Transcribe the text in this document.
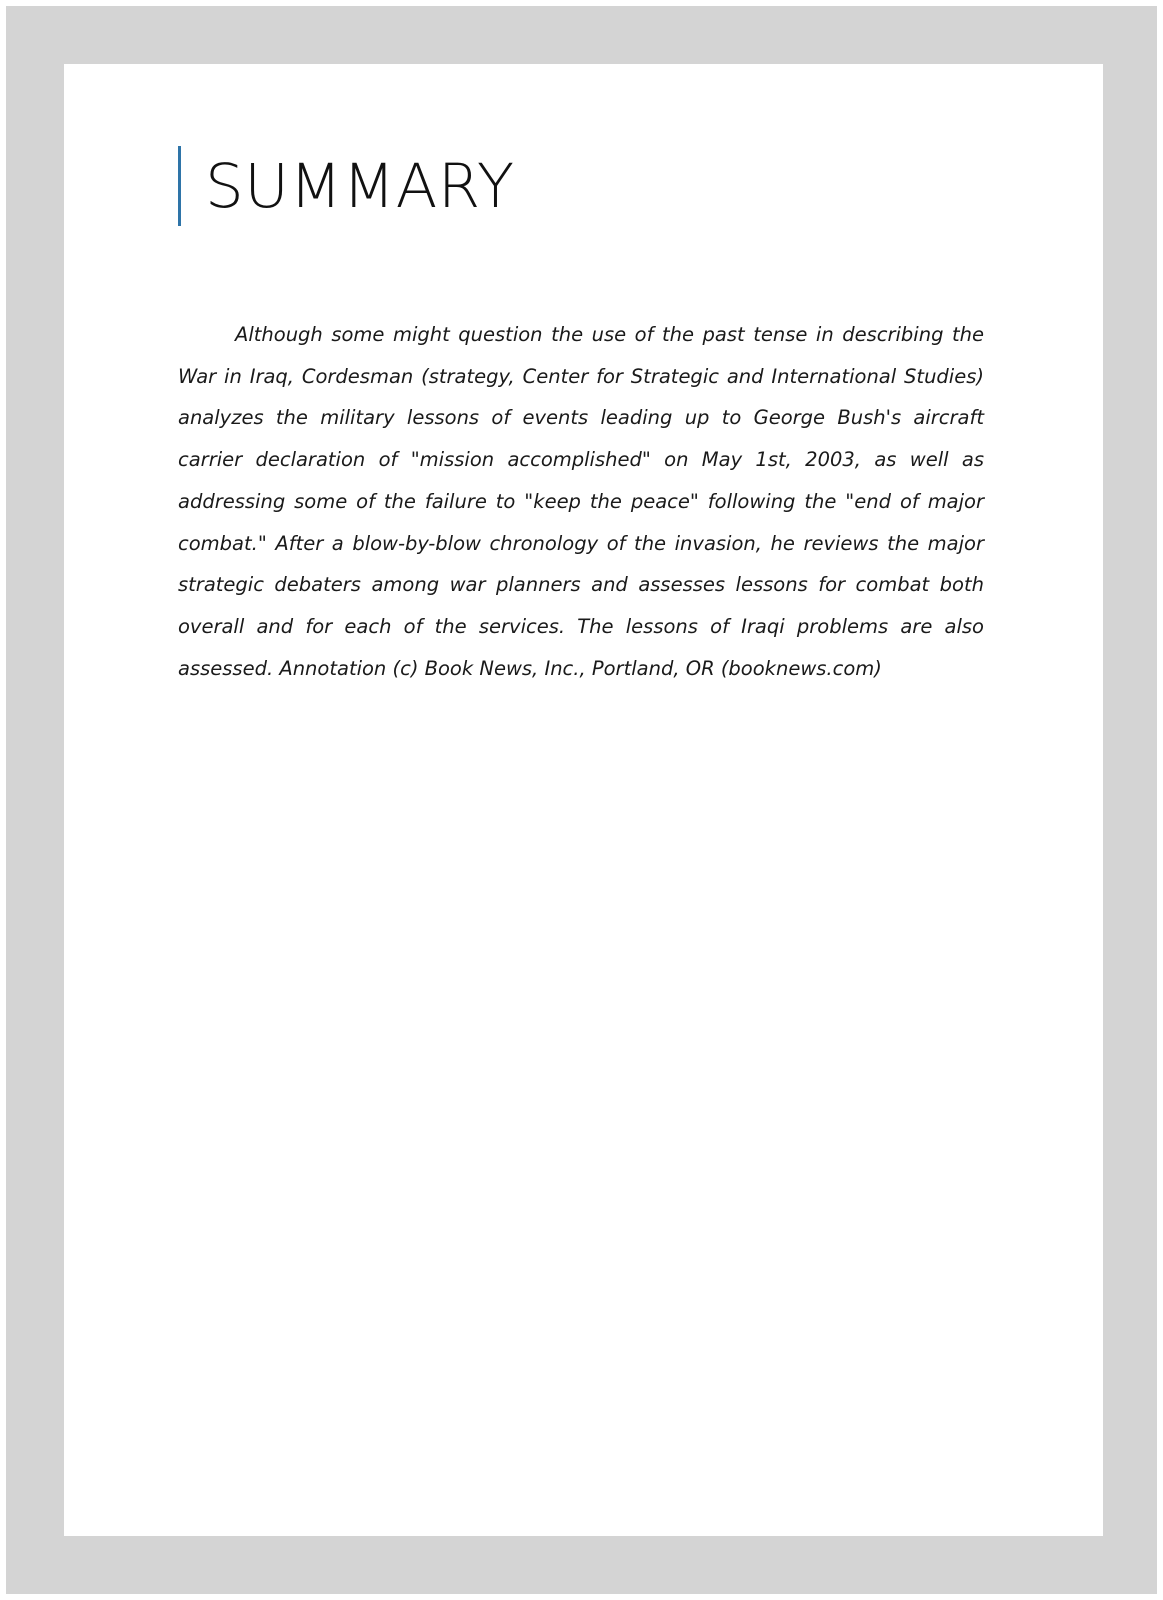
SUMMARY

Although some might question the use of the past tense in describing the War in Iraq, Cordesman (strategy, Center for Strategic and International Studies) analyzes the military lessons of events leading up to George Bush's aircraft carrier declaration of "mission accomplished" on May 1st, 2003, as well as addressing some of the failure to "keep the peace" following the "end of major combat." After a blow-by-blow chronology of the invasion, he reviews the major strategic debaters among war planners and assesses lessons for combat both overall and for each of the services. The lessons of Iraqi problems are also assessed. Annotation (c) Book News, Inc., Portland, OR (booknews.com)
